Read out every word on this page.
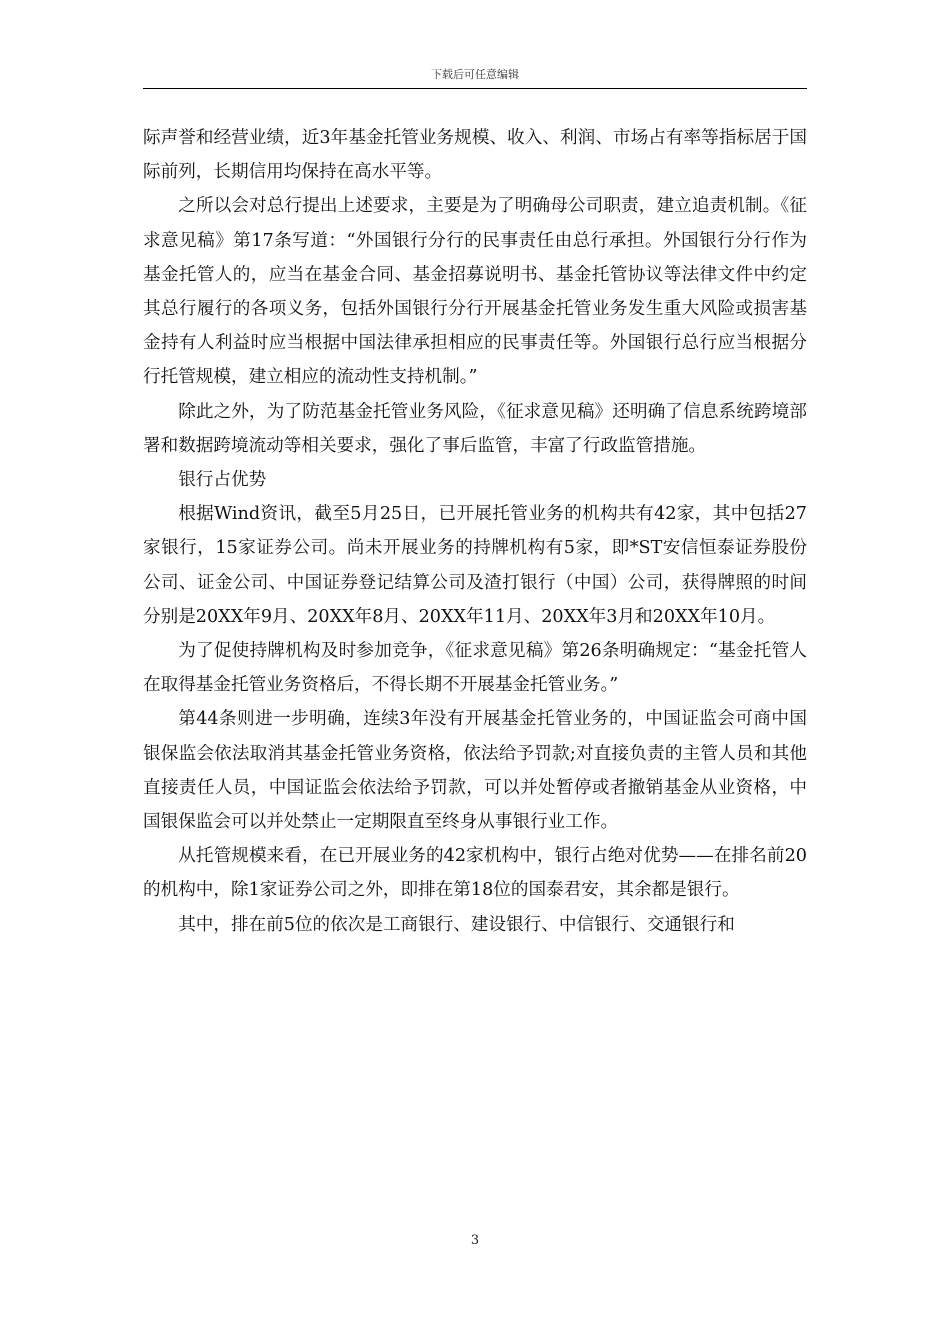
下载后可任意编辑

际声誉和经营业绩，近3年基金托管业务规模、收入、利润、市场占有率等指标居于国际前列，长期信用均保持在高水平等。

之所以会对总行提出上述要求，主要是为了明确母公司职责，建立追责机制。《征求意见稿》第17条写道：“外国银行分行的民事责任由总行承担。外国银行分行作为基金托管人的，应当在基金合同、基金招募说明书、基金托管协议等法律文件中约定其总行履行的各项义务，包括外国银行分行开展基金托管业务发生重大风险或损害基金持有人利益时应当根据中国法律承担相应的民事责任等。外国银行总行应当根据分行托管规模，建立相应的流动性支持机制。”

除此之外，为了防范基金托管业务风险，《征求意见稿》还明确了信息系统跨境部署和数据跨境流动等相关要求，强化了事后监管，丰富了行政监管措施。

银行占优势

根据Wind资讯，截至5月25日，已开展托管业务的机构共有42家，其中包括27家银行，15家证券公司。尚未开展业务的持牌机构有5家，即*ST安信恒泰证券股份公司、证金公司、中国证券登记结算公司及渣打银行（中国）公司，获得牌照的时间分别是20XX年9月、20XX年8月、20XX年11月、20XX年3月和20XX年10月。

为了促使持牌机构及时参加竞争，《征求意见稿》第26条明确规定：“基金托管人在取得基金托管业务资格后，不得长期不开展基金托管业务。”

第44条则进一步明确，连续3年没有开展基金托管业务的，中国证监会可商中国银保监会依法取消其基金托管业务资格，依法给予罚款;对直接负责的主管人员和其他直接责任人员，中国证监会依法给予罚款，可以并处暂停或者撤销基金从业资格，中国银保监会可以并处禁止一定期限直至终身从事银行业工作。

从托管规模来看，在已开展业务的42家机构中，银行占绝对优势——在排名前20的机构中，除1家证券公司之外，即排在第18位的国泰君安，其余都是银行。

其中，排在前5位的依次是工商银行、建设银行、中信银行、交通银行和

3
